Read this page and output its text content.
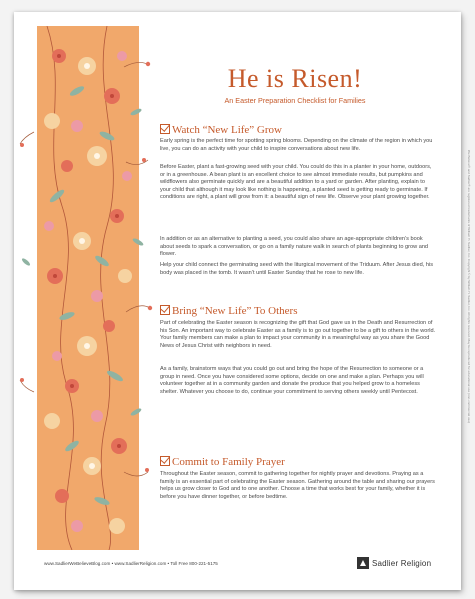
He is Risen!
An Easter Preparation Checklist for Families
Watch “New Life” Grow

Early spring is the perfect time for spotting spring blooms. Depending on the climate of the region in which you live, you can do an activity with your child to inspire conversations about new life.

Before Easter, plant a fast-growing seed with your child. You could do this in a planter in your home, outdoors, or in a greenhouse. A bean plant is an excellent choice to see almost immediate results, but pumpkins and wildflowers also germinate quickly and are a beautiful addition to a yard or garden. After planting, explain to your child that although it may look like nothing is happening, a planted seed is getting ready to germinate. If conditions are right, a plant will grow from it: a beautiful sign of new life. Observe your plant growing together.

In addition or as an alternative to planting a seed, you could also share an age-appropriate children’s book about seeds to spark a conversation, or go on a family nature walk in search of plants beginning to grow and flower.

Help your child connect the germinating seed with the liturgical movement of the Triduum. After Jesus died, his body was placed in the tomb. It wasn’t until Easter Sunday that he rose to new life.

Bring “New Life” To Others

Part of celebrating the Easter season is recognizing the gift that God gave us in the Death and Resurrection of his Son. An important way to celebrate Easter as a family is to go out together to be a gift to others in the world. Your family members can make a plan to impact your community in a meaningful way as you share the Good News of Jesus Christ with neighbors in need.

As a family, brainstorm ways that you could go out and bring the hope of the Resurrection to someone or a group in need. Once you have considered some options, decide on one and make a plan. Perhaps you will volunteer together at in a community garden and donate the produce that you helped grow to a homeless shelter. Whatever you choose to do, continue your commitment to serving others weekly until Pentecost.

Commit to Family Prayer

Throughout the Easter season, commit to gathering together for nightly prayer and devotions. Praying as a family is an essential part of celebrating the Easter season. Gathering around the table and sharing our prayers helps us grow closer to God and to one another. Choose a time that works best for your family, whether it is before you have dinner together, or before bedtime.

www.SadlierWeBelieveBlog.com • www.SadlierReligion.com • Toll Free 800-221-5175	Sadlier Religion
We Believe® and Sadlier® are registered trademarks of William H. Sadlier, Inc. Copyright © by William H. Sadlier, Inc. All rights reserved. May be reproduced for educational use (non-commercial use)
